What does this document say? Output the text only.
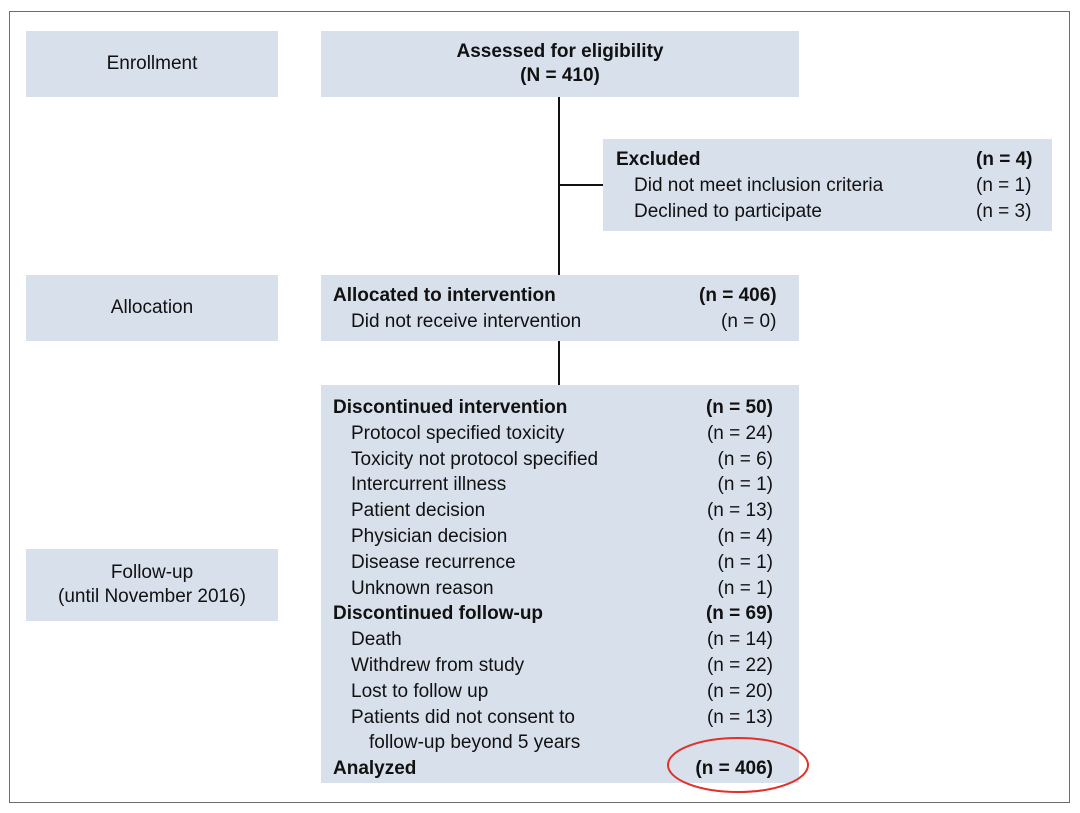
Enrollment
Allocation
Follow-up
(until November 2016)
Assessed for eligibility
(N = 410)
Excluded	(n = 4)
Did not meet inclusion criteria	(n = 1)
Declined to participate	(n = 3)
Allocated to intervention	(n = 406)
Did not receive intervention	(n = 0)
Discontinued intervention	(n = 50)
Protocol specified toxicity	(n = 24)
Toxicity not protocol specified	(n = 6)
Intercurrent illness	(n = 1)
Patient decision	(n = 13)
Physician decision	(n = 4)
Disease recurrence	(n = 1)
Unknown reason	(n = 1)
Discontinued follow-up	(n = 69)
Death	(n = 14)
Withdrew from study	(n = 22)
Lost to follow up	(n = 20)
Patients did not consent to	(n = 13)
follow-up beyond 5 years
Analyzed	(n = 406)
